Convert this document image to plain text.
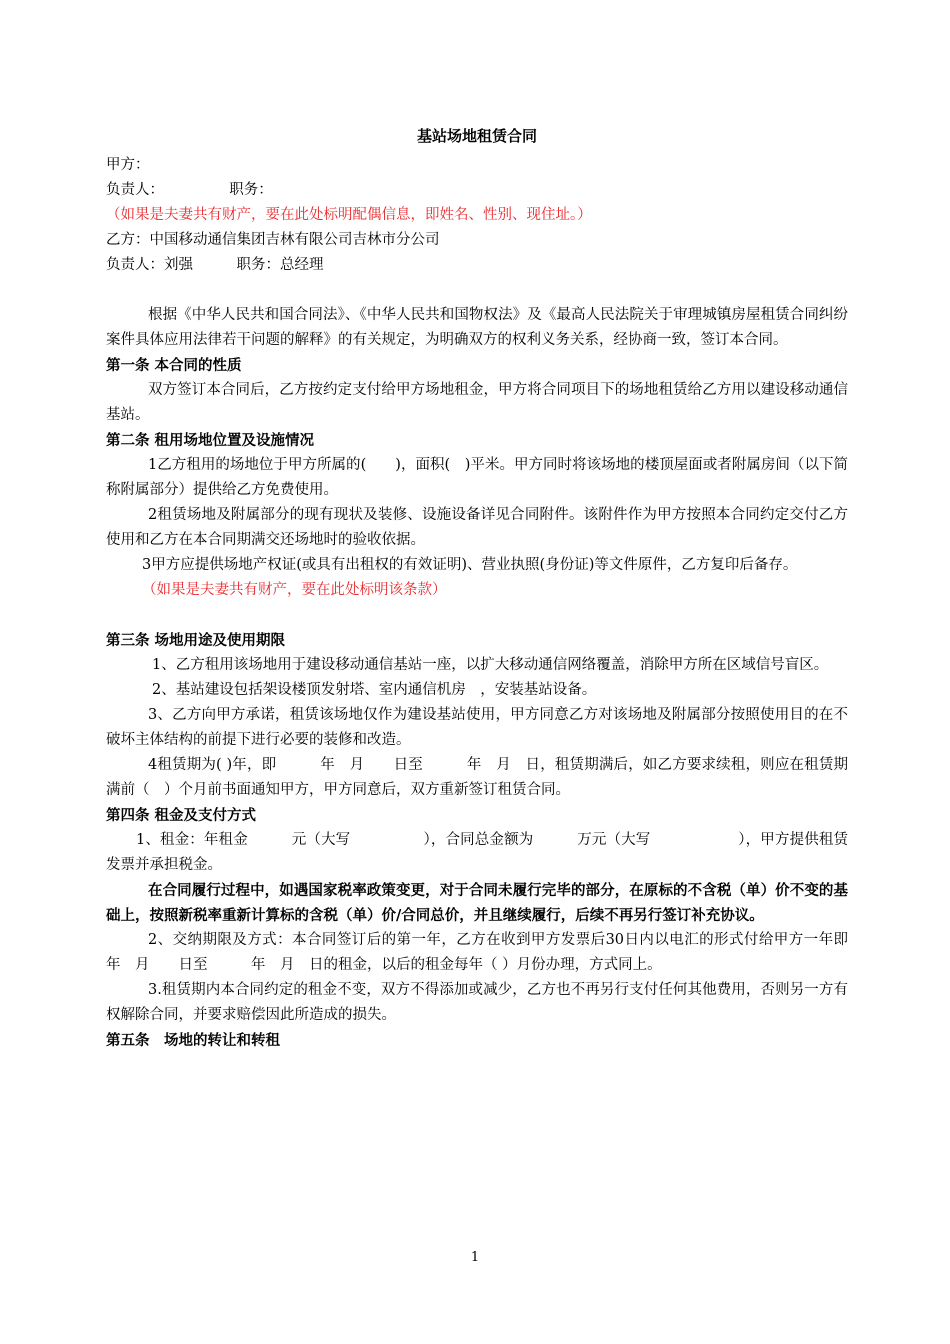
基站场地租赁合同

甲方：

负责人：　　　　　职务：

（如果是夫妻共有财产，要在此处标明配偶信息，即姓名、性别、现住址。）

乙方：中国移动通信集团吉林有限公司吉林市分公司

负责人：刘强　　　职务：总经理

根据《中华人民共和国合同法》、《中华人民共和国物权法》及《最高人民法院关于审理城镇房屋租赁合同纠纷案件具体应用法律若干问题的解释》的有关规定，为明确双方的权利义务关系，经协商一致，签订本合同。

第一条 本合同的性质

双方签订本合同后，乙方按约定支付给甲方场地租金，甲方将合同项目下的场地租赁给乙方用以建设移动通信基站。

第二条 租用场地位置及设施情况

1乙方租用的场地位于甲方所属的(　　)，面积(　)平米。甲方同时将该场地的楼顶屋面或者附属房间（以下简称附属部分）提供给乙方免费使用。

2租赁场地及附属部分的现有现状及装修、设施设备详见合同附件。该附件作为甲方按照本合同约定交付乙方使用和乙方在本合同期满交还场地时的验收依据。

3甲方应提供场地产权证(或具有出租权的有效证明)、营业执照(身份证)等文件原件，乙方复印后备存。

（如果是夫妻共有财产，要在此处标明该条款）

第三条 场地用途及使用期限

1、乙方租用该场地用于建设移动通信基站一座，以扩大移动通信网络覆盖，消除甲方所在区域信号盲区。

2、基站建设包括架设楼顶发射塔、室内通信机房　，安装基站设备。

3、乙方向甲方承诺，租赁该场地仅作为建设基站使用，甲方同意乙方对该场地及附属部分按照使用目的在不破坏主体结构的前提下进行必要的装修和改造。

4租赁期为( )年，即　　　年　月　　日至　　　年　月　日，租赁期满后，如乙方要求续租，则应在租赁期满前（　）个月前书面通知甲方，甲方同意后，双方重新签订租赁合同。

第四条 租金及支付方式

1、租金：年租金　　　元（大写　　　　　），合同总金额为　　　万元（大写　　　　　　），甲方提供租赁发票并承担税金。

在合同履行过程中，如遇国家税率政策变更，对于合同未履行完毕的部分，在原标的不含税（单）价不变的基础上，按照新税率重新计算标的含税（单）价/合同总价，并且继续履行，后续不再另行签订补充协议。

2、交纳期限及方式：本合同签订后的第一年，乙方在收到甲方发票后30日内以电汇的形式付给甲方一年即　　　年　月　　日至　　　年　月　日的租金，以后的租金每年（ ）月份办理，方式同上。

3.租赁期内本合同约定的租金不变，双方不得添加或减少，乙方也不再另行支付任何其他费用，否则另一方有权解除合同，并要求赔偿因此所造成的损失。

第五条　场地的转让和转租

1
